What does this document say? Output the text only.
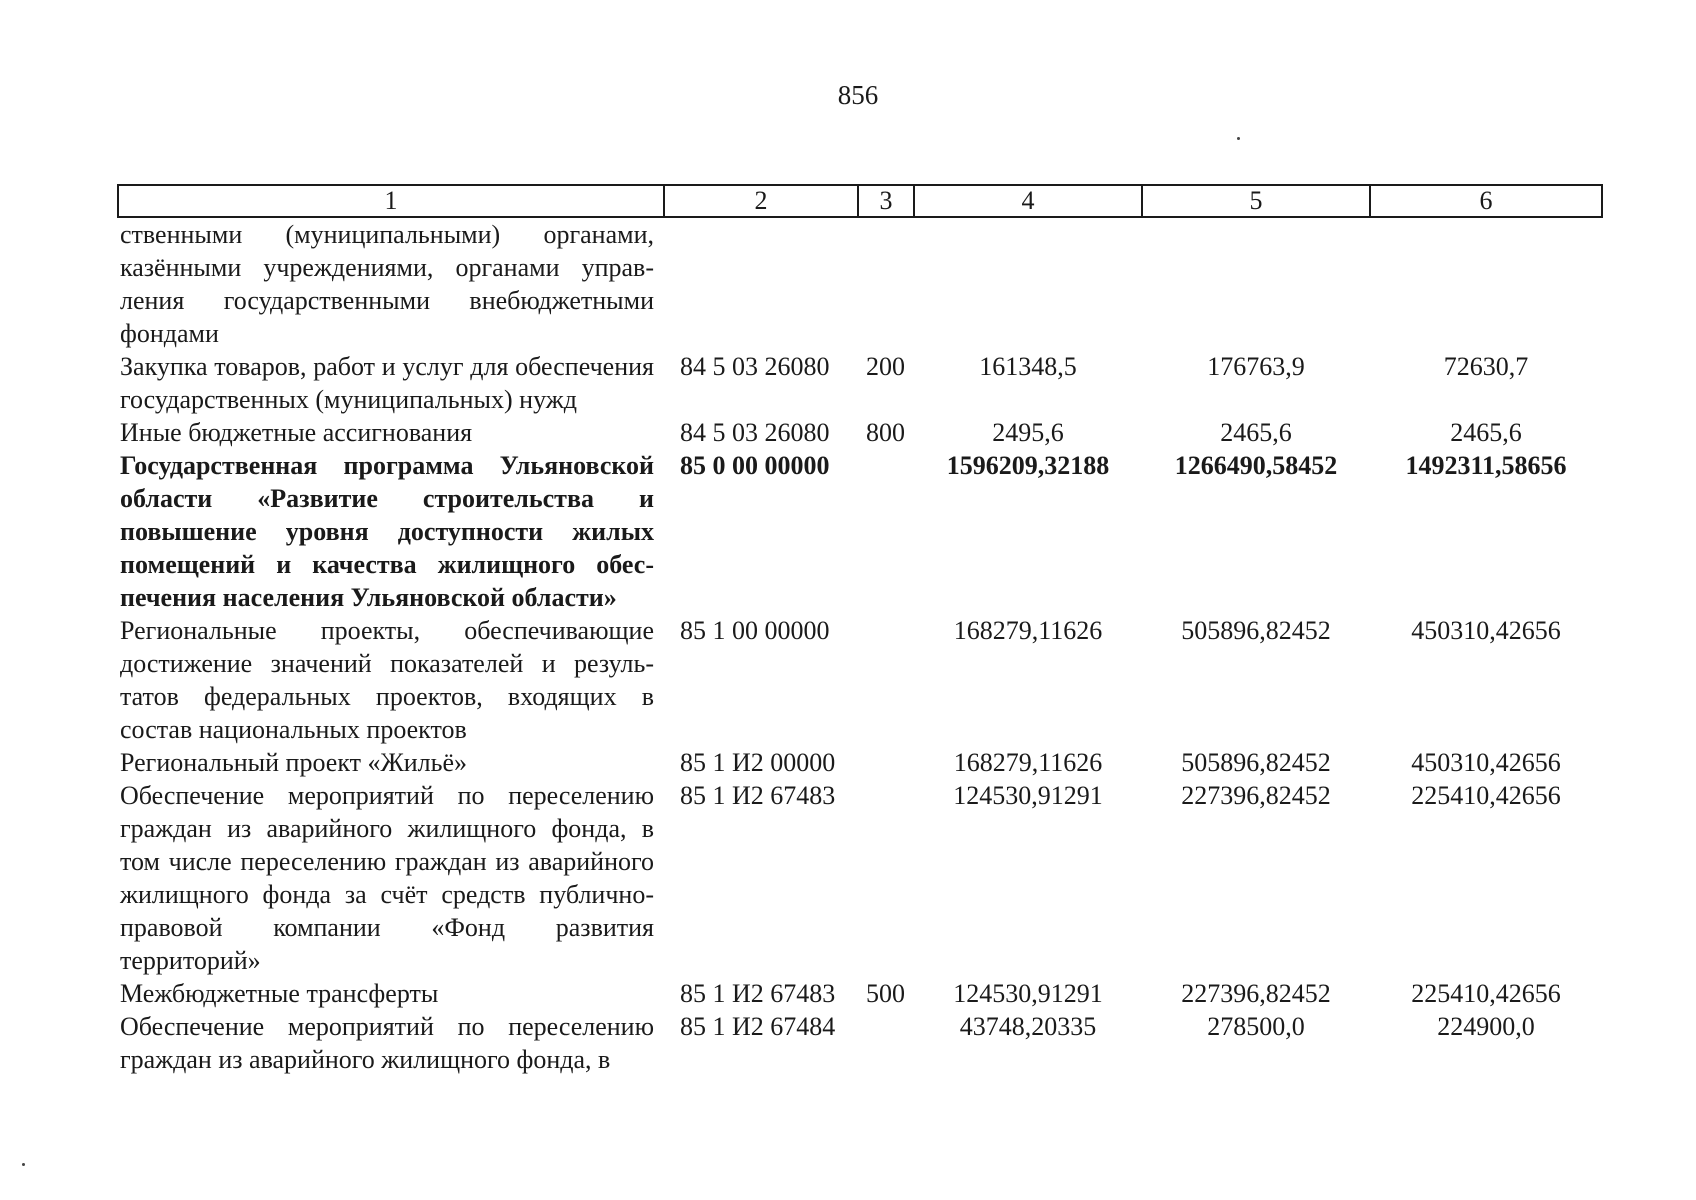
856
1	2	3	4	5	6
ственными (муниципальными) органами, казёнными учреждениями, органами управления государственными внебюджетными фондами					
Закупка товаров, работ и услуг для обеспечения государственных (муниципальных) нужд	84 5 03 26080	200	161348,5	176763,9	72630,7
Иные бюджетные ассигнования	84 5 03 26080	800	2495,6	2465,6	2465,6
Государственная программа Ульяновской области «Развитие строительства и повышение уровня доступности жилых помещений и качества жилищного обеспечения населения Ульяновской области»	85 0 00 00000		1596209,32188	1266490,58452	1492311,58656
Региональные проекты, обеспечивающие достижение значений показателей и результатов федеральных проектов, входящих в состав национальных проектов	85 1 00 00000		168279,11626	505896,82452	450310,42656
Региональный проект «Жильё»	85 1 И2 00000		168279,11626	505896,82452	450310,42656
Обеспечение мероприятий по переселению граждан из аварийного жилищного фонда, в том числе переселению граждан из аварийного жилищного фонда за счёт средств публично-правовой компании «Фонд развития территорий»	85 1 И2 67483		124530,91291	227396,82452	225410,42656
Межбюджетные трансферты	85 1 И2 67483	500	124530,91291	227396,82452	225410,42656
Обеспечение мероприятий по переселению граждан из аварийного жилищного фонда, в	85 1 И2 67484		43748,20335	278500,0	224900,0
